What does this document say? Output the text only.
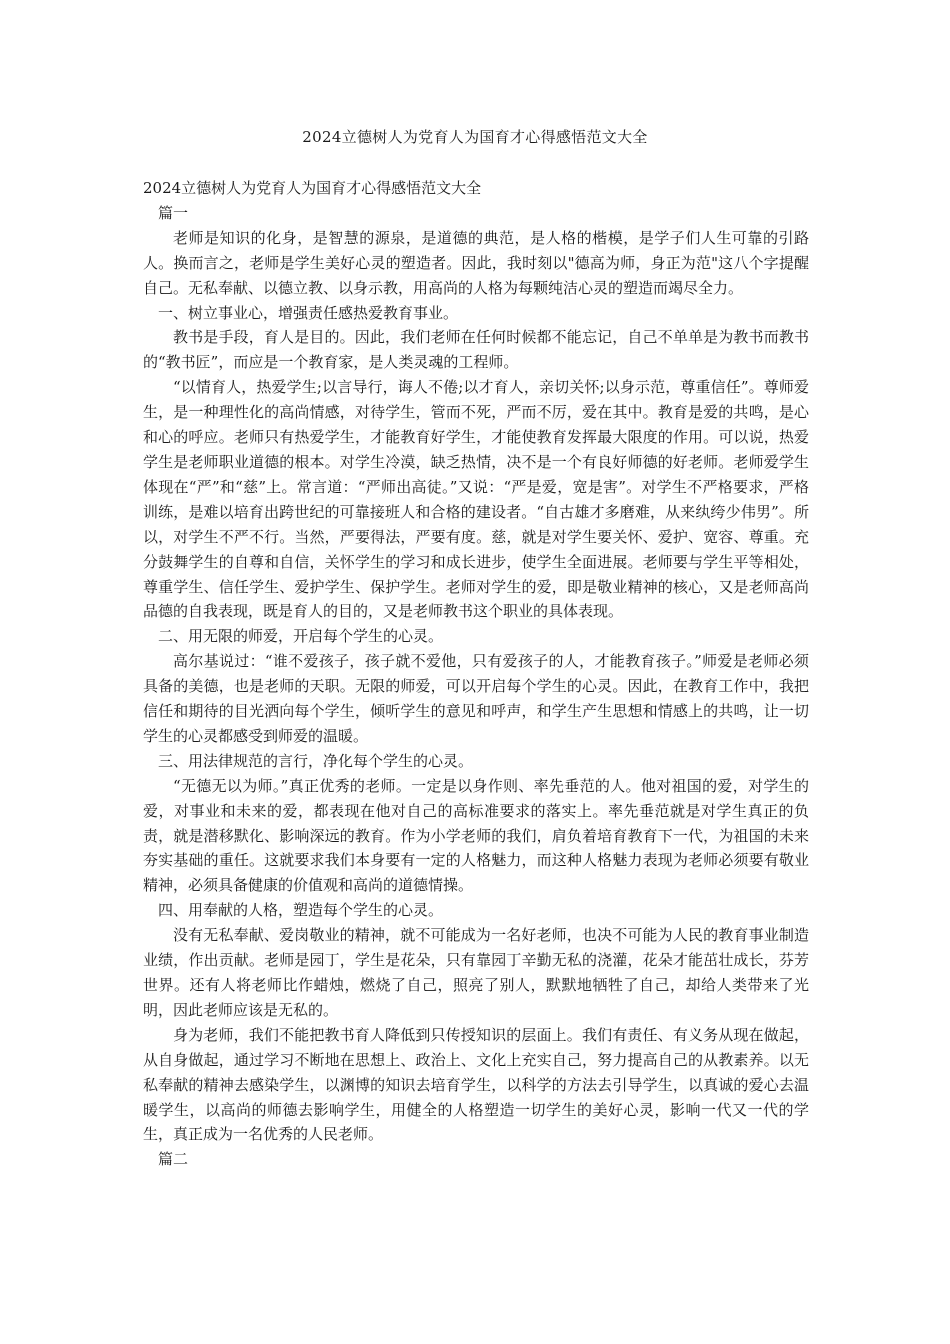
2024立德树人为党育人为国育才心得感悟范文大全

2024立德树人为党育人为国育才心得感悟范文大全

篇一

老师是知识的化身，是智慧的源泉，是道德的典范，是人格的楷模，是学子们人生可靠的引路人。换而言之，老师是学生美好心灵的塑造者。因此，我时刻以"德高为师，身正为范"这八个字提醒自己。无私奉献、以德立教、以身示教，用高尚的人格为每颗纯洁心灵的塑造而竭尽全力。

一、树立事业心，增强责任感热爱教育事业。

教书是手段，育人是目的。因此，我们老师在任何时候都不能忘记，自己不单单是为教书而教书的“教书匠”，而应是一个教育家，是人类灵魂的工程师。

“以情育人，热爱学生;以言导行，诲人不倦;以才育人，亲切关怀;以身示范，尊重信任”。尊师爱生，是一种理性化的高尚情感，对待学生，管而不死，严而不厉，爱在其中。教育是爱的共鸣，是心和心的呼应。老师只有热爱学生，才能教育好学生，才能使教育发挥最大限度的作用。可以说，热爱学生是老师职业道德的根本。对学生冷漠，缺乏热情，决不是一个有良好师德的好老师。老师爱学生体现在“严”和“慈”上。常言道：“严师出高徒。”又说：“严是爱，宽是害”。对学生不严格要求，严格训练，是难以培育出跨世纪的可靠接班人和合格的建设者。“自古雄才多磨难，从来纨绔少伟男”。所以，对学生不严不行。当然，严要得法，严要有度。慈，就是对学生要关怀、爱护、宽容、尊重。充分鼓舞学生的自尊和自信，关怀学生的学习和成长进步，使学生全面进展。老师要与学生平等相处，尊重学生、信任学生、爱护学生、保护学生。老师对学生的爱，即是敬业精神的核心，又是老师高尚品德的自我表现，既是育人的目的，又是老师教书这个职业的具体表现。

二、用无限的师爱，开启每个学生的心灵。

高尔基说过：“谁不爱孩子，孩子就不爱他，只有爱孩子的人，才能教育孩子。”师爱是老师必须具备的美德，也是老师的天职。无限的师爱，可以开启每个学生的心灵。因此，在教育工作中，我把信任和期待的目光洒向每个学生，倾听学生的意见和呼声，和学生产生思想和情感上的共鸣，让一切学生的心灵都感受到师爱的温暖。

三、用法律规范的言行，净化每个学生的心灵。

“无德无以为师。”真正优秀的老师。一定是以身作则、率先垂范的人。他对祖国的爱，对学生的爱，对事业和未来的爱，都表现在他对自己的高标准要求的落实上。率先垂范就是对学生真正的负责，就是潜移默化、影响深远的教育。作为小学老师的我们，肩负着培育教育下一代，为祖国的未来夯实基础的重任。这就要求我们本身要有一定的人格魅力，而这种人格魅力表现为老师必须要有敬业精神，必须具备健康的价值观和高尚的道德情操。

四、用奉献的人格，塑造每个学生的心灵。

没有无私奉献、爱岗敬业的精神，就不可能成为一名好老师，也决不可能为人民的教育事业制造业绩，作出贡献。老师是园丁，学生是花朵，只有靠园丁辛勤无私的浇灌，花朵才能茁壮成长，芬芳世界。还有人将老师比作蜡烛，燃烧了自己，照亮了别人，默默地牺牲了自己，却给人类带来了光明，因此老师应该是无私的。

身为老师，我们不能把教书育人降低到只传授知识的层面上。我们有责任、有义务从现在做起，从自身做起，通过学习不断地在思想上、政治上、文化上充实自己，努力提高自己的从教素养。以无私奉献的精神去感染学生，以渊博的知识去培育学生，以科学的方法去引导学生，以真诚的爱心去温暖学生，以高尚的师德去影响学生，用健全的人格塑造一切学生的美好心灵，影响一代又一代的学生，真正成为一名优秀的人民老师。

篇二
